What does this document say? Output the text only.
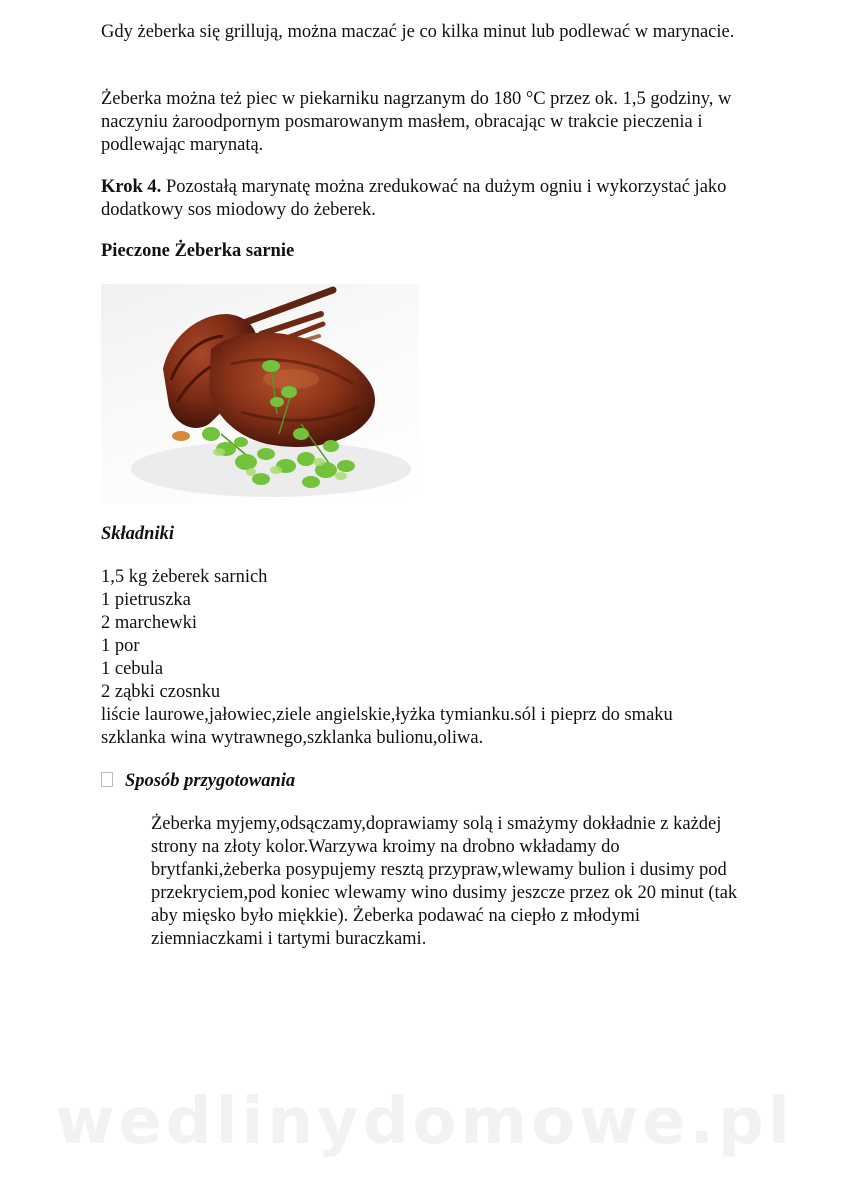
Gdy żeberka się grillują, można maczać je co kilka minut lub podlewać w marynacie.

Żeberka można też piec w piekarniku nagrzanym do 180 °C przez ok. 1,5 godziny, w naczyniu żaroodpornym posmarowanym masłem, obracając w trakcie pieczenia i podlewając marynatą.

Krok 4. Pozostałą marynatę można zredukować na dużym ogniu i wykorzystać jako dodatkowy sos miodowy do żeberek.

Pieczone Żeberka sarnie
Składniki
1,5 kg żeberek sarnich
1 pietruszka
2 marchewki
1 por
1 cebula
2 ząbki czosnku
liście laurowe,jałowiec,ziele angielskie,łyżka tymianku.sól i pieprz do smaku
szklanka wina wytrawnego,szklanka bulionu,oliwa.
Sposób przygotowania

Żeberka myjemy,odsączamy,doprawiamy solą i smażymy dokładnie z każdej strony na złoty kolor.Warzywa kroimy na drobno wkładamy do brytfanki,żeberka posypujemy resztą przypraw,wlewamy bulion i dusimy pod przekryciem,pod koniec wlewamy wino dusimy jeszcze przez ok 20 minut (tak aby mięsko było miękkie). Żeberka podawać na ciepło z młodymi ziemniaczkami i tartymi buraczkami.

wedlinydomowe.pl
